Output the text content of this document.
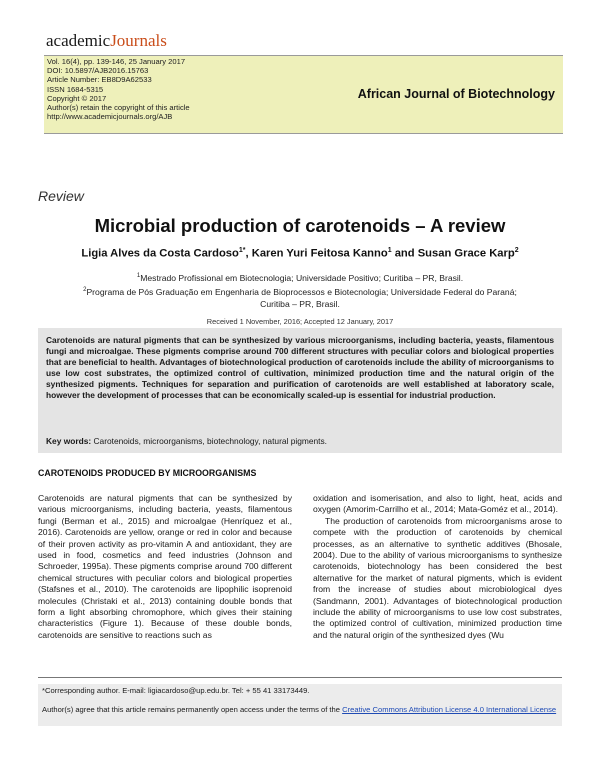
academicJournals
Vol. 16(4), pp. 139-146, 25 January 2017
DOI: 10.5897/AJB2016.15763
Article Number: EB8D9A62533
ISSN 1684-5315
Copyright © 2017
Author(s) retain the copyright of this article
http://www.academicjournals.org/AJB
African Journal of Biotechnology
Review
Microbial production of carotenoids – A review
Ligia Alves da Costa Cardoso$^{1*}$, Karen Yuri Feitosa Kanno$^1$ and Susan Grace Karp$^2$
$^1$Mestrado Profissional em Biotecnologia; Universidade Positivo; Curitiba – PR, Brasil.
$^2$Programa de Pós Graduação em Engenharia de Bioprocessos e Biotecnologia; Universidade Federal do Paraná;
Curitiba – PR, Brasil.
Received 1 November, 2016; Accepted 12 January, 2017
Carotenoids are natural pigments that can be synthesized by various microorganisms, including bacteria, yeasts, filamentous fungi and microalgae. These pigments comprise around 700 different structures with peculiar colors and biological properties that are beneficial to health. Advantages of biotechnological production of carotenoids include the ability of microorganisms to use low cost substrates, the optimized control of cultivation, minimized production time and the natural origin of the synthesized pigments. Techniques for separation and purification of carotenoids are well established at laboratory scale, however the development of processes that can be economically scaled-up is essential for industrial production.
Key words: Carotenoids, microorganisms, biotechnology, natural pigments.
CAROTENOIDS PRODUCED BY MICROORGANISMS

Carotenoids are natural pigments that can be synthesized by various microorganisms, including bacteria, yeasts, filamentous fungi (Berman et al., 2015) and microalgae (Henríquez et al., 2016). Carotenoids are yellow, orange or red in color and because of their proven activity as pro-vitamin A and antioxidant, they are used in food, cosmetics and feed industries (Johnson and Schroeder, 1995a). These pigments comprise around 700 different chemical structures with peculiar colors and biological properties (Stafsnes et al., 2010). The carotenoids are lipophilic isoprenoid molecules (Christaki et al., 2013) containing double bonds that form a light absorbing chromophore, which gives their staining characteristics (Figure 1). Because of these double bonds, carotenoids are sensitive to reactions such as

oxidation and isomerisation, and also to light, heat, acids and oxygen (Amorim-Carrilho et al., 2014; Mata-Goméz et al., 2014).

The production of carotenoids from microorganisms arose to compete with the production of carotenoids by chemical processes, as an alternative to synthetic additives (Bhosale, 2004). Due to the ability of various microorganisms to synthesize carotenoids, biotechnology has been considered the best alternative for the market of natural pigments, which is evident from the increase of studies about microbiological dyes (Sandmann, 2001). Advantages of biotechnological production include the ability of microorganisms to use low cost substrates, the optimized control of cultivation, minimized production time and the natural origin of the synthesized dyes (Wu

*Corresponding author. E-mail: ligiacardoso@up.edu.br. Tel: + 55 41 33173449.
Author(s) agree that this article remains permanently open access under the terms of the Creative Commons Attribution License 4.0 International License
